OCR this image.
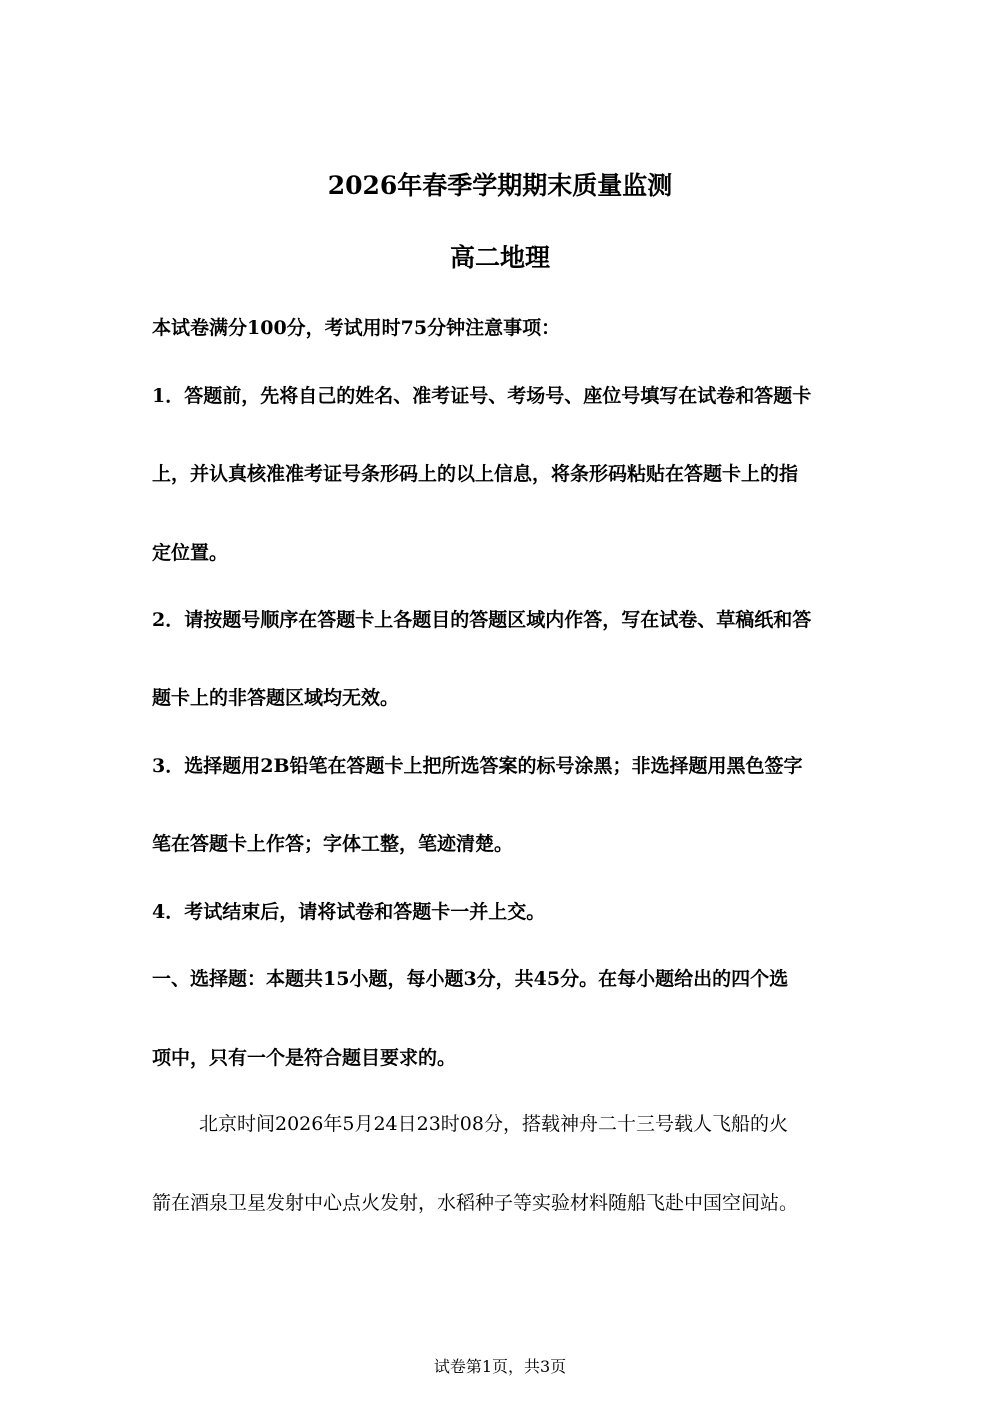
2026年春季学期期末质量监测
高二地理
本试卷满分100分，考试用时75分钟注意事项：
1．答题前，先将自己的姓名、准考证号、考场号、座位号填写在试卷和答题卡
上，并认真核准准考证号条形码上的以上信息，将条形码粘贴在答题卡上的指
定位置。
2．请按题号顺序在答题卡上各题目的答题区域内作答，写在试卷、草稿纸和答
题卡上的非答题区域均无效。
3．选择题用2B铅笔在答题卡上把所选答案的标号涂黑；非选择题用黑色签字
笔在答题卡上作答；字体工整，笔迹清楚。
4．考试结束后，请将试卷和答题卡一并上交。
一、选择题：本题共15小题，每小题3分，共45分。在每小题给出的四个选
项中，只有一个是符合题目要求的。
北京时间2026年5月24日23时08分，搭载神舟二十三号载人飞船的火
箭在酒泉卫星发射中心点火发射，水稻种子等实验材料随船飞赴中国空间站。
试卷第1页，共3页
